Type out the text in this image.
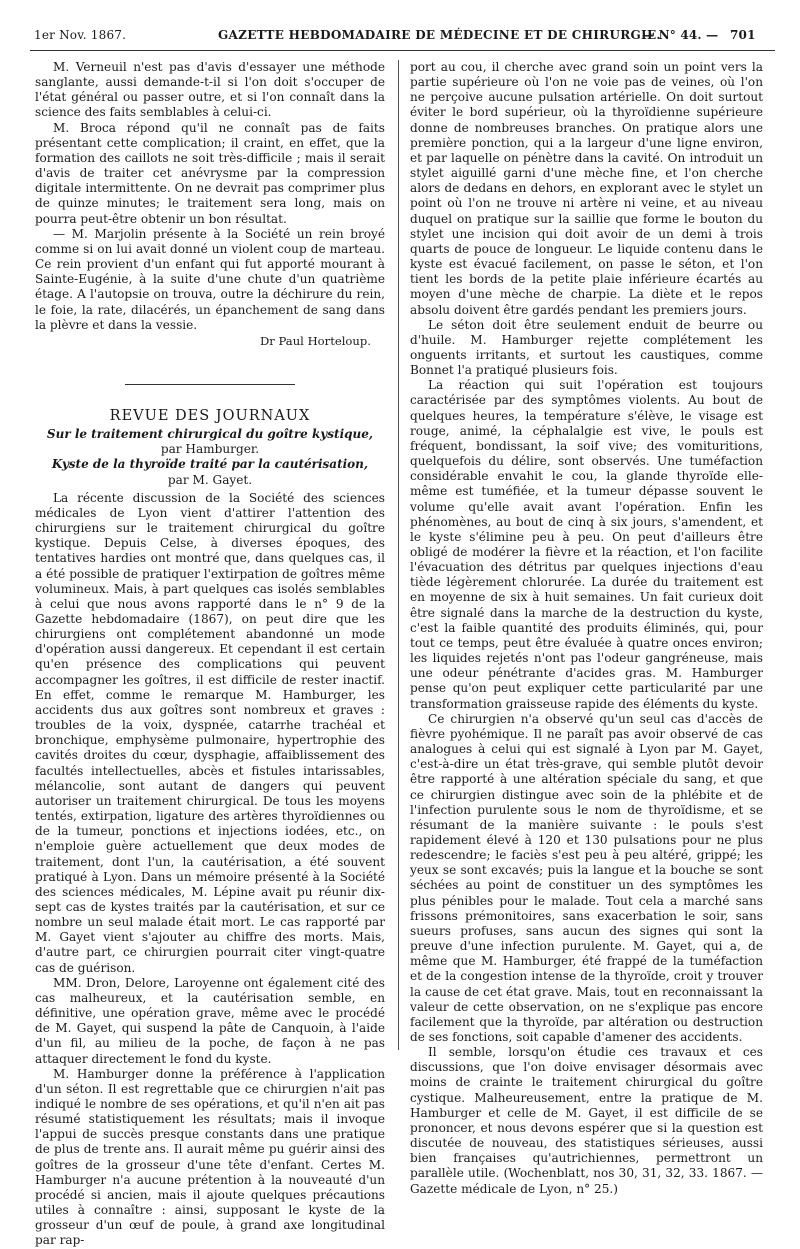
1er Nov. 1867.	GAZETTE HEBDOMADAIRE DE MÉDECINE ET DE CHIRURGIE.
— N° 44. — 701

M. Verneuil n'est pas d'avis d'essayer une méthode sanglante, aussi demande-t-il si l'on doit s'occuper de l'état général ou passer outre, et si l'on connaît dans la science des faits semblables à celui-ci.

M. Broca répond qu'il ne connaît pas de faits présentant cette complication; il craint, en effet, que la formation des caillots ne soit très-difficile ; mais il serait d'avis de traiter cet anévrysme par la compression digitale intermittente. On ne devrait pas comprimer plus de quinze minutes; le traitement sera long, mais on pourra peut-être obtenir un bon résultat.

— M. Marjolin présente à la Société un rein broyé comme si on lui avait donné un violent coup de marteau. Ce rein provient d'un enfant qui fut apporté mourant à Sainte-Eugénie, à la suite d'une chute d'un quatrième étage. A l'autopsie on trouva, outre la déchirure du rein, le foie, la rate, dilacérés, un épanchement de sang dans la plèvre et dans la vessie.

Dr Paul Horteloup.
REVUE DES JOURNAUX
Sur le traitement chirurgical du goître kystique,
par Hamburger.
Kyste de la thyroïde traité par la cautérisation,
par M. Gayet.

La récente discussion de la Société des sciences médicales de Lyon vient d'attirer l'attention des chirurgiens sur le traitement chirurgical du goître kystique. Depuis Celse, à diverses époques, des tentatives hardies ont montré que, dans quelques cas, il a été possible de pratiquer l'extirpation de goîtres même volumineux. Mais, à part quelques cas isolés semblables à celui que nous avons rapporté dans le n° 9 de la Gazette hebdomadaire (1867), on peut dire que les chirurgiens ont complétement abandonné un mode d'opération aussi dangereux. Et cependant il est certain qu'en présence des complications qui peuvent accompagner les goîtres, il est difficile de rester inactif. En effet, comme le remarque M. Hamburger, les accidents dus aux goîtres sont nombreux et graves : troubles de la voix, dyspnée, catarrhe trachéal et bronchique, emphysème pulmonaire, hypertrophie des cavités droites du cœur, dysphagie, affaiblissement des facultés intellectuelles, abcès et fistules intarissables, mélancolie, sont autant de dangers qui peuvent autoriser un traitement chirurgical. De tous les moyens tentés, extirpation, ligature des artères thyroïdiennes ou de la tumeur, ponctions et injections iodées, etc., on n'emploie guère actuellement que deux modes de traitement, dont l'un, la cautérisation, a été souvent pratiqué à Lyon. Dans un mémoire présenté à la Société des sciences médicales, M. Lépine avait pu réunir dix-sept cas de kystes traités par la cautérisation, et sur ce nombre un seul malade était mort. Le cas rapporté par M. Gayet vient s'ajouter au chiffre des morts. Mais, d'autre part, ce chirurgien pourrait citer vingt-quatre cas de guérison.

MM. Dron, Delore, Laroyenne ont également cité des cas malheureux, et la cautérisation semble, en définitive, une opération grave, même avec le procédé de M. Gayet, qui suspend la pâte de Canquoin, à l'aide d'un fil, au milieu de la poche, de façon à ne pas attaquer directement le fond du kyste.

M. Hamburger donne la préférence à l'application d'un séton. Il est regrettable que ce chirurgien n'ait pas indiqué le nombre de ses opérations, et qu'il n'en ait pas résumé statistiquement les résultats; mais il invoque l'appui de succès presque constants dans une pratique de plus de trente ans. Il aurait même pu guérir ainsi des goîtres de la grosseur d'une tête d'enfant. Certes M. Hamburger n'a aucune prétention à la nouveauté d'un procédé si ancien, mais il ajoute quelques précautions utiles à connaître : ainsi, supposant le kyste de la grosseur d'un œuf de poule, à grand axe longitudinal par rap-

port au cou, il cherche avec grand soin un point vers la partie supérieure où l'on ne voie pas de veines, où l'on ne perçoive aucune pulsation artérielle. On doit surtout éviter le bord supérieur, où la thyroïdienne supérieure donne de nombreuses branches. On pratique alors une première ponction, qui a la largeur d'une ligne environ, et par laquelle on pénètre dans la cavité. On introduit un stylet aiguillé garni d'une mèche fine, et l'on cherche alors de dedans en dehors, en explorant avec le stylet un point où l'on ne trouve ni artère ni veine, et au niveau duquel on pratique sur la saillie que forme le bouton du stylet une incision qui doit avoir de un demi à trois quarts de pouce de longueur. Le liquide contenu dans le kyste est évacué facilement, on passe le séton, et l'on tient les bords de la petite plaie inférieure écartés au moyen d'une mèche de charpie. La diète et le repos absolu doivent être gardés pendant les premiers jours.

Le séton doit être seulement enduit de beurre ou d'huile. M. Hamburger rejette complétement les onguents irritants, et surtout les caustiques, comme Bonnet l'a pratiqué plusieurs fois.

La réaction qui suit l'opération est toujours caractérisée par des symptômes violents. Au bout de quelques heures, la température s'élève, le visage est rouge, animé, la céphalalgie est vive, le pouls est fréquent, bondissant, la soif vive; des vomituritions, quelquefois du délire, sont observés. Une tuméfaction considérable envahit le cou, la glande thyroïde elle-même est tuméfiée, et la tumeur dépasse souvent le volume qu'elle avait avant l'opération. Enfin les phénomènes, au bout de cinq à six jours, s'amendent, et le kyste s'élimine peu à peu. On peut d'ailleurs être obligé de modérer la fièvre et la réaction, et l'on facilite l'évacuation des détritus par quelques injections d'eau tiède légèrement chlorurée. La durée du traitement est en moyenne de six à huit semaines. Un fait curieux doit être signalé dans la marche de la destruction du kyste, c'est la faible quantité des produits éliminés, qui, pour tout ce temps, peut être évaluée à quatre onces environ; les liquides rejetés n'ont pas l'odeur gangréneuse, mais une odeur pénétrante d'acides gras. M. Hamburger pense qu'on peut expliquer cette particularité par une transformation graisseuse rapide des éléments du kyste.

Ce chirurgien n'a observé qu'un seul cas d'accès de fièvre pyohémique. Il ne paraît pas avoir observé de cas analogues à celui qui est signalé à Lyon par M. Gayet, c'est-à-dire un état très-grave, qui semble plutôt devoir être rapporté à une altération spéciale du sang, et que ce chirurgien distingue avec soin de la phlébite et de l'infection purulente sous le nom de thyroïdisme, et se résumant de la manière suivante : le pouls s'est rapidement élevé à 120 et 130 pulsations pour ne plus redescendre; le faciès s'est peu à peu altéré, grippé; les yeux se sont excavés; puis la langue et la bouche se sont séchées au point de constituer un des symptômes les plus pénibles pour le malade. Tout cela a marché sans frissons prémonitoires, sans exacerbation le soir, sans sueurs profuses, sans aucun des signes qui sont la preuve d'une infection purulente. M. Gayet, qui a, de même que M. Hamburger, été frappé de la tuméfaction et de la congestion intense de la thyroïde, croit y trouver la cause de cet état grave. Mais, tout en reconnaissant la valeur de cette observation, on ne s'explique pas encore facilement que la thyroïde, par altération ou destruction de ses fonctions, soit capable d'amener des accidents.

Il semble, lorsqu'on étudie ces travaux et ces discussions, que l'on doive envisager désormais avec moins de crainte le traitement chirurgical du goître cystique. Malheureusement, entre la pratique de M. Hamburger et celle de M. Gayet, il est difficile de se prononcer, et nous devons espérer que si la question est discutée de nouveau, des statistiques sérieuses, aussi bien françaises qu'autrichiennes, permettront un parallèle utile. (Wochenblatt, nos 30, 31, 32, 33. 1867. — Gazette médicale de Lyon, n° 25.)
